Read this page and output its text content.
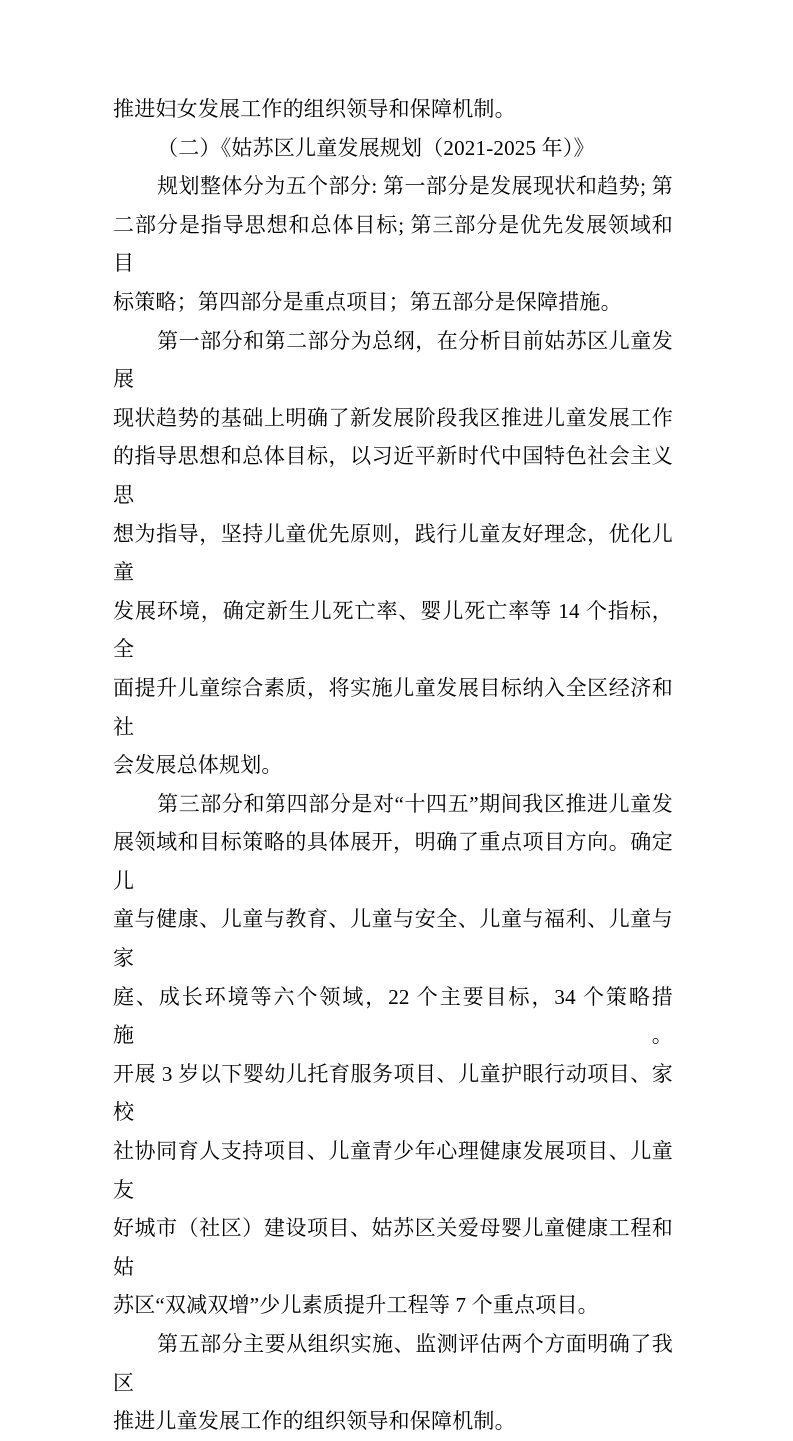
推进妇女发展工作的组织领导和保障机制。
（二）《姑苏区儿童发展规划（2021-2025 年）》
规划整体分为五个部分: 第一部分是发展现状和趋势; 第
二部分是指导思想和总体目标; 第三部分是优先发展领域和目
标策略；第四部分是重点项目；第五部分是保障措施。
第一部分和第二部分为总纲，在分析目前姑苏区儿童发展
现状趋势的基础上明确了新发展阶段我区推进儿童发展工作
的指导思想和总体目标，以习近平新时代中国特色社会主义思
想为指导，坚持儿童优先原则，践行儿童友好理念，优化儿童
发展环境，确定新生儿死亡率、婴儿死亡率等 14 个指标，全
面提升儿童综合素质，将实施儿童发展目标纳入全区经济和社
会发展总体规划。
第三部分和第四部分是对“十四五”期间我区推进儿童发
展领域和目标策略的具体展开，明确了重点项目方向。确定儿
童与健康、儿童与教育、儿童与安全、儿童与福利、儿童与家
庭、成长环境等六个领域，22 个主要目标，34 个策略措施。
开展 3 岁以下婴幼儿托育服务项目、儿童护眼行动项目、家校
社协同育人支持项目、儿童青少年心理健康发展项目、儿童友
好城市（社区）建设项目、姑苏区关爱母婴儿童健康工程和姑
苏区“双减双增”少儿素质提升工程等 7 个重点项目。
第五部分主要从组织实施、监测评估两个方面明确了我区
推进儿童发展工作的组织领导和保障机制。
